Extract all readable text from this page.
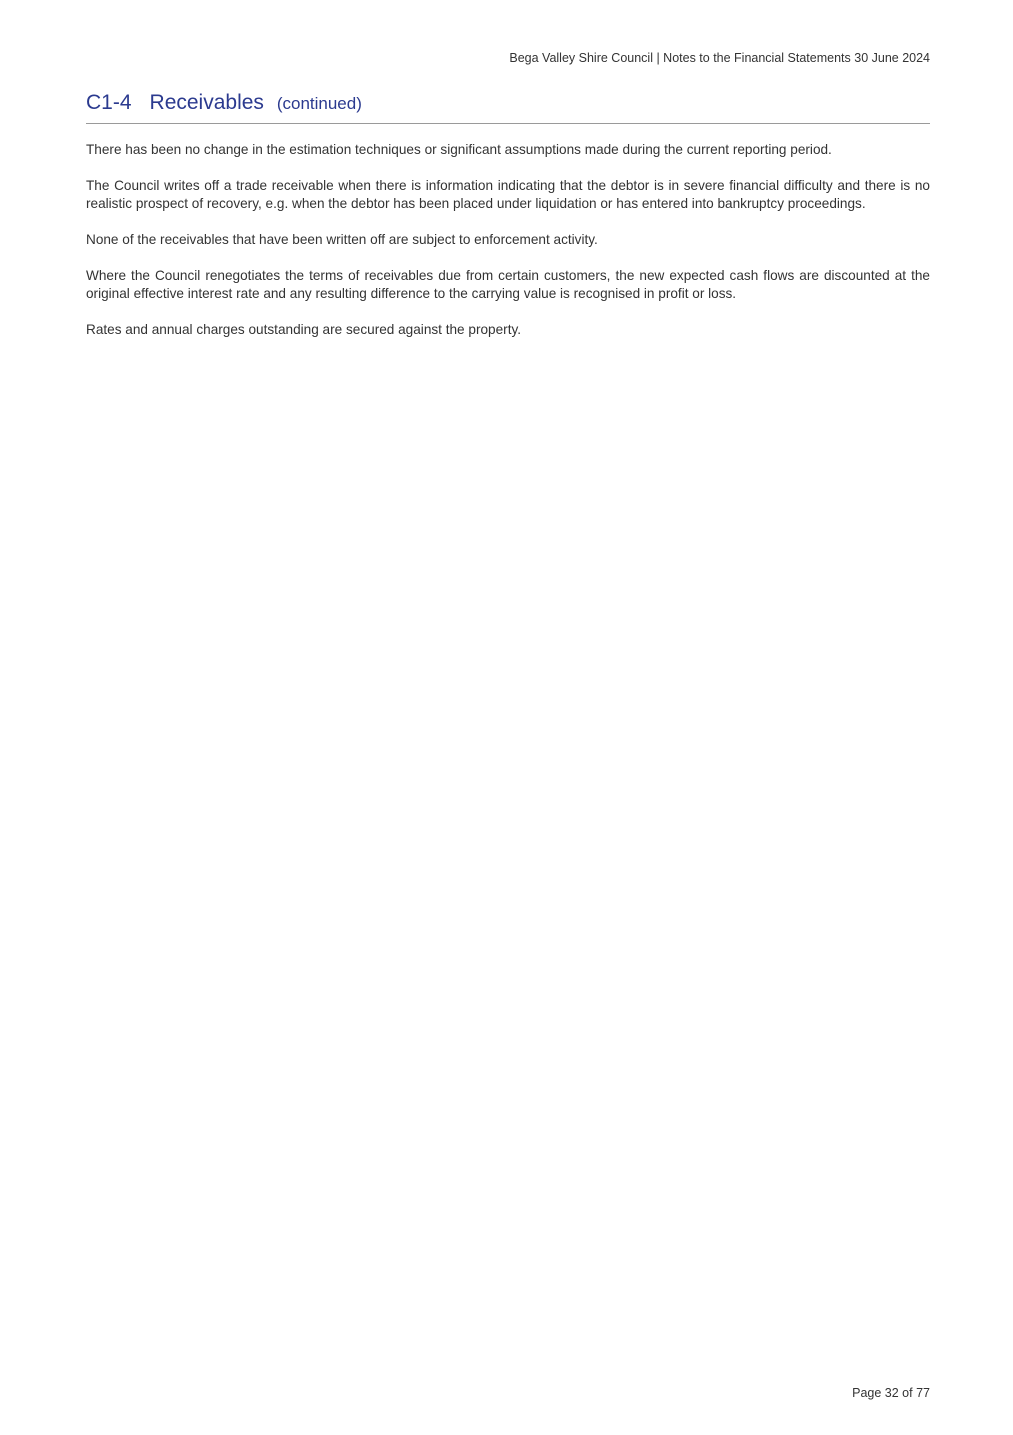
Bega Valley Shire Council | Notes to the Financial Statements 30 June 2024
C1-4 Receivables (continued)

There has been no change in the estimation techniques or significant assumptions made during the current reporting period.

The Council writes off a trade receivable when there is information indicating that the debtor is in severe financial difficulty and there is no realistic prospect of recovery, e.g. when the debtor has been placed under liquidation or has entered into bankruptcy proceedings.

None of the receivables that have been written off are subject to enforcement activity.

Where the Council renegotiates the terms of receivables due from certain customers, the new expected cash flows are discounted at the original effective interest rate and any resulting difference to the carrying value is recognised in profit or loss.

Rates and annual charges outstanding are secured against the property.

Page 32 of 77
